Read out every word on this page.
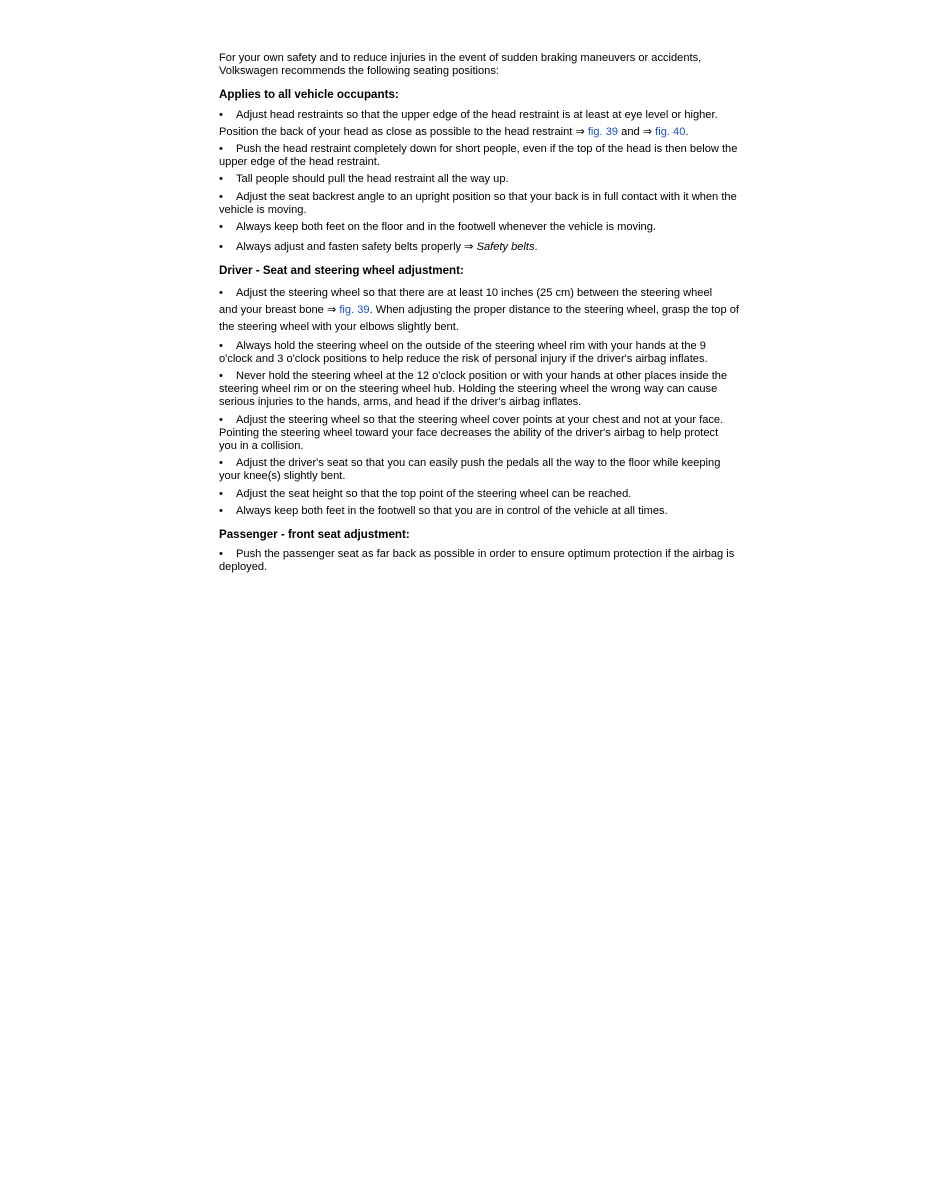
For your own safety and to reduce injuries in the event of sudden braking maneuvers or accidents,
Volkswagen recommends the following seating positions:

Applies to all vehicle occupants:

• Adjust head restraints so that the upper edge of the head restraint is at least at eye level or higher.

Position the back of your head as close as possible to the head restraint ⇒ fig. 39 and ⇒ fig. 40.

• Push the head restraint completely down for short people, even if the top of the head is then below the upper edge of the head restraint.

• Tall people should pull the head restraint all the way up.

• Adjust the seat backrest angle to an upright position so that your back is in full contact with it when the vehicle is moving.

• Always keep both feet on the floor and in the footwell whenever the vehicle is moving.

• Always adjust and fasten safety belts properly ⇒ Safety belts.

Driver - Seat and steering wheel adjustment:

• Adjust the steering wheel so that there are at least 10 inches (25 cm) between the steering wheel
and your breast bone ⇒ fig. 39. When adjusting the proper distance to the steering wheel, grasp the top of the steering wheel with your elbows slightly bent.

• Always hold the steering wheel on the outside of the steering wheel rim with your hands at the 9 o'clock and 3 o'clock positions to help reduce the risk of personal injury if the driver's airbag inflates.

• Never hold the steering wheel at the 12 o'clock position or with your hands at other places inside the steering wheel rim or on the steering wheel hub. Holding the steering wheel the wrong way can cause serious injuries to the hands, arms, and head if the driver's airbag inflates.

• Adjust the steering wheel so that the steering wheel cover points at your chest and not at your face. Pointing the steering wheel toward your face decreases the ability of the driver's airbag to help protect you in a collision.

• Adjust the driver's seat so that you can easily push the pedals all the way to the floor while keeping your knee(s) slightly bent.

• Adjust the seat height so that the top point of the steering wheel can be reached.

• Always keep both feet in the footwell so that you are in control of the vehicle at all times.

Passenger - front seat adjustment:

• Push the passenger seat as far back as possible in order to ensure optimum protection if the airbag is deployed.
